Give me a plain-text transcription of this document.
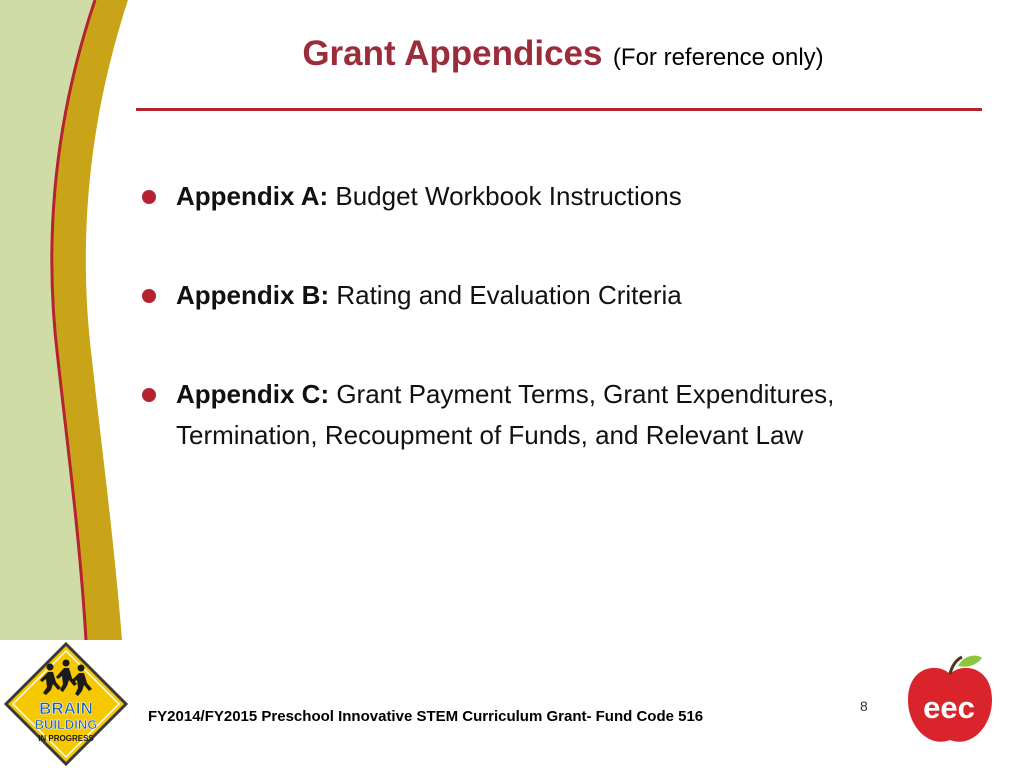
Grant Appendices (For reference only)
Appendix A: Budget Workbook Instructions
Appendix B: Rating and Evaluation Criteria
Appendix C: Grant Payment Terms, Grant Expenditures, Termination, Recoupment of Funds, and Relevant Law
BRAIN
BUILDING
IN PROGRESS
FY2014/FY2015 Preschool Innovative STEM Curriculum Grant- Fund Code 516
8 eec
